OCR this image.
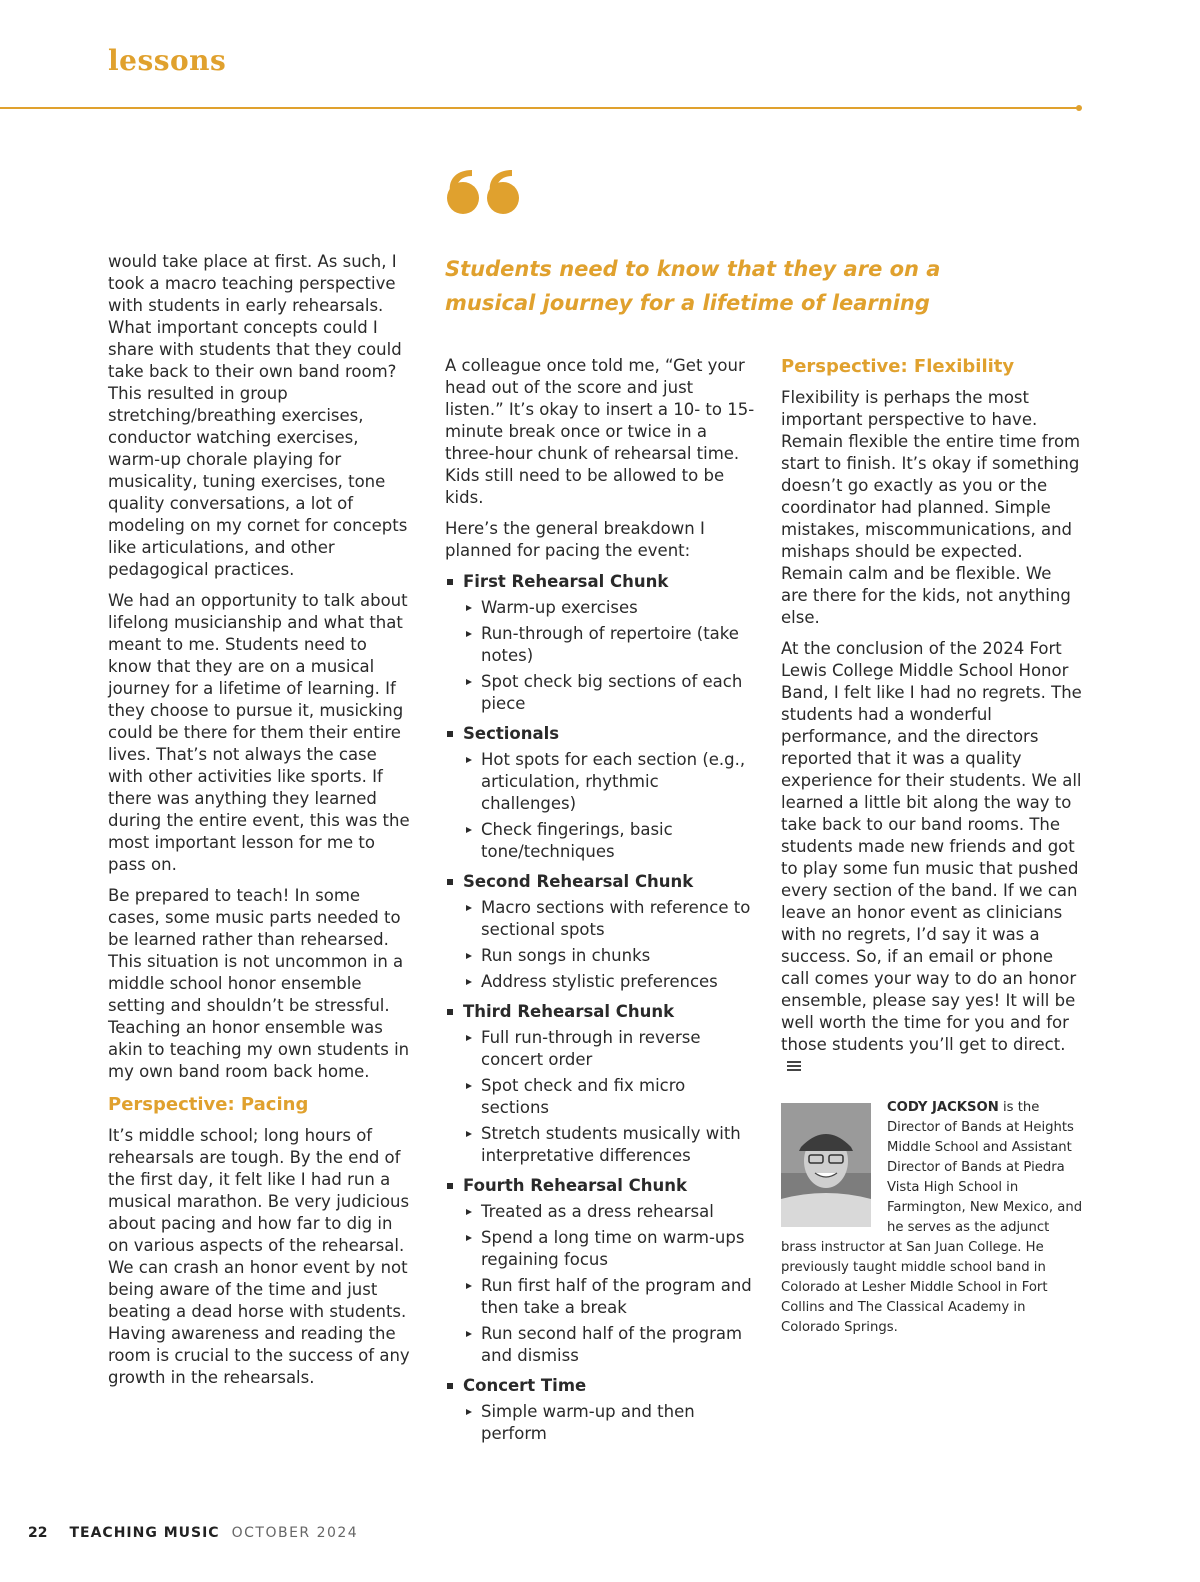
lessons
Students need to know that they are on a musical journey for a lifetime of learning

would take place at first. As such, I took a macro teaching perspective with students in early rehearsals. What important concepts could I share with students that they could take back to their own band room? This resulted in group stretching/breathing exercises, conductor watching exercises, warm-up chorale playing for musicality, tuning exercises, tone quality conversations, a lot of modeling on my cornet for concepts like articulations, and other pedagogical practices.

We had an opportunity to talk about lifelong musicianship and what that meant to me. Students need to know that they are on a musical journey for a lifetime of learning. If they choose to pursue it, musicking could be there for them their entire lives. That’s not always the case with other activities like sports. If there was anything they learned during the entire event, this was the most important lesson for me to pass on.

Be prepared to teach! In some cases, some music parts needed to be learned rather than rehearsed. This situation is not uncommon in a middle school honor ensemble setting and shouldn’t be stressful. Teaching an honor ensemble was akin to teaching my own students in my own band room back home.

Perspective: Pacing

It’s middle school; long hours of rehearsals are tough. By the end of the first day, it felt like I had run a musical marathon. Be very judicious about pacing and how far to dig in on various aspects of the rehearsal. We can crash an honor event by not being aware of the time and just beating a dead horse with students. Having awareness and reading the room is crucial to the success of any growth in the rehearsals.

A colleague once told me, “Get your head out of the score and just listen.” It’s okay to insert a 10- to 15-minute break once or twice in a three-hour chunk of rehearsal time. Kids still need to be allowed to be kids.

Here’s the general breakdown I planned for pacing the event:

First Rehearsal Chunk
Warm-up exercises
Run-through of repertoire (take notes)
Spot check big sections of each piece
Sectionals
Hot spots for each section (e.g., articulation, rhythmic challenges)
Check fingerings, basic tone/techniques
Second Rehearsal Chunk
Macro sections with reference to sectional spots
Run songs in chunks
Address stylistic preferences
Third Rehearsal Chunk
Full run-through in reverse concert order
Spot check and fix micro sections
Stretch students musically with interpretative differences
Fourth Rehearsal Chunk
Treated as a dress rehearsal
Spend a long time on warm-ups regaining focus
Run first half of the program and then take a break
Run second half of the program and dismiss
Concert Time
Simple warm-up and then perform
Perspective: Flexibility

Flexibility is perhaps the most important perspective to have. Remain flexible the entire time from start to finish. It’s okay if something doesn’t go exactly as you or the coordinator had planned. Simple mistakes, miscommunications, and mishaps should be expected. Remain calm and be flexible. We are there for the kids, not anything else.

At the conclusion of the 2024 Fort Lewis College Middle School Honor Band, I felt like I had no regrets. The students had a wonderful performance, and the directors reported that it was a quality experience for their students. We all learned a little bit along the way to take back to our band rooms. The students made new friends and got to play some fun music that pushed every section of the band. If we can leave an honor event as clinicians with no regrets, I’d say it was a success. So, if an email or phone call comes your way to do an honor ensemble, please say yes! It will be well worth the time for you and for those students you’ll get to direct.

CODY JACKSON is the Director of Bands at Heights Middle School and Assistant Director of Bands at Piedra Vista High School in Farmington, New Mexico, and he serves as the adjunct brass instructor at San Juan College. He previously taught middle school band in Colorado at Lesher Middle School in Fort Collins and The Classical Academy in Colorado Springs.
22 TEACHING MUSIC OCTOBER 2024
